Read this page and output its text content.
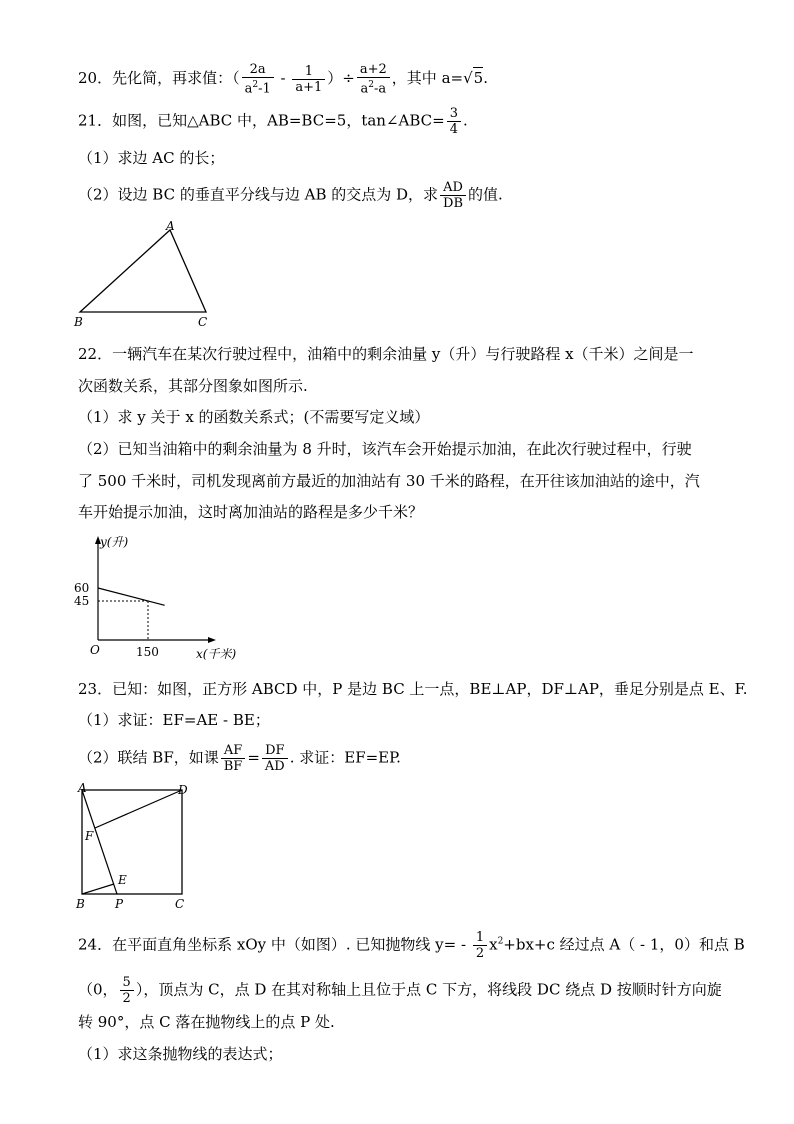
20．先化简，再求值：（ $\frac{2a}{a^2-1} - \frac{1}{a+1}$ ）÷ $\frac{a+2}{a^2-a}$ ，其中 a=√5.
21．如图，已知△ABC 中，AB=BC=5，tan∠ABC= $\frac{3}{4}$ .
（1）求边 AC 的长；
（2）设边 BC 的垂直平分线与边 AB 的交点为 D，求 $\frac{AD}{DB}$ 的值.
A
B	C
22．一辆汽车在某次行驶过程中，油箱中的剩余油量 y（升）与行驶路程 x（千米）之间是一
次函数关系，其部分图象如图所示.
（1）求 y 关于 x 的函数关系式；(不需要写定义域）
（2）已知当油箱中的剩余油量为 8 升时，该汽车会开始提示加油，在此次行驶过程中，行驶
了 500 千米时，司机发现离前方最近的加油站有 30 千米的路程，在开往该加油站的途中，汽
车开始提示加油，这时离加油站的路程是多少千米？
60
45
150
y(升)
x(千米)
O
23．已知：如图，正方形 ABCD 中，P 是边 BC 上一点，BE⊥AP，DF⊥AP，垂足分别是点 E、F.
（1）求证：EF=AE - BE；
（2）联结 BF，如课 $\frac{AF}{BF} = \frac{DF}{AD}$ . 求证：EF=EP.
A	D
F
E
B	P	C
24．在平面直角坐标系 xOy 中（如图）. 已知抛物线 $y= - \frac{1}{2} x^2+bx+c$ 经过点 A（ - 1，0）和点 B
（0， $\frac{5}{2}$ ），顶点为 C，点 D 在其对称轴上且位于点 C 下方，将线段 DC 绕点 D 按顺时针方向旋
转 90°，点 C 落在抛物线上的点 P 处.
（1）求这条抛物线的表达式；
